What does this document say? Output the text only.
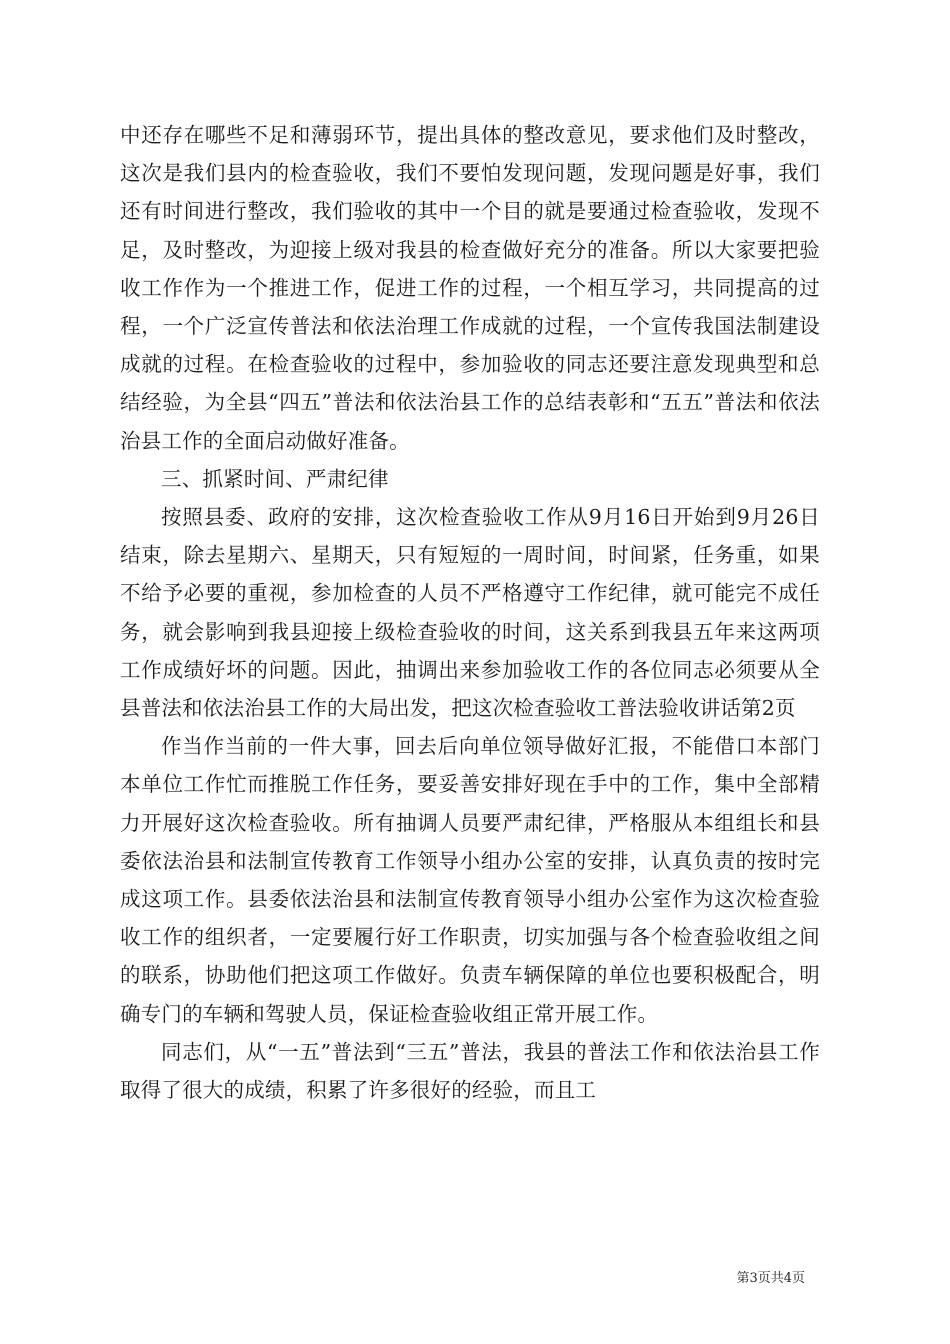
中还存在哪些不足和薄弱环节，提出具体的整改意见，要求他们及时整改，这次是我们县内的检查验收，我们不要怕发现问题，发现问题是好事，我们还有时间进行整改，我们验收的其中一个目的就是要通过检查验收，发现不足，及时整改，为迎接上级对我县的检查做好充分的准备。所以大家要把验收工作作为一个推进工作，促进工作的过程，一个相互学习，共同提高的过程，一个广泛宣传普法和依法治理工作成就的过程，一个宣传我国法制建设成就的过程。在检查验收的过程中，参加验收的同志还要注意发现典型和总结经验，为全县“四五”普法和依法治县工作的总结表彰和“五五”普法和依法治县工作的全面启动做好准备。

三、抓紧时间、严肃纪律

按照县委、政府的安排，这次检查验收工作从9月16日开始到9月26日结束，除去星期六、星期天，只有短短的一周时间，时间紧，任务重，如果不给予必要的重视，参加检查的人员不严格遵守工作纪律，就可能完不成任务，就会影响到我县迎接上级检查验收的时间，这关系到我县五年来这两项工作成绩好坏的问题。因此，抽调出来参加验收工作的各位同志必须要从全县普法和依法治县工作的大局出发，把这次检查验收工普法验收讲话第2页

作当作当前的一件大事，回去后向单位领导做好汇报，不能借口本部门本单位工作忙而推脱工作任务，要妥善安排好现在手中的工作，集中全部精力开展好这次检查验收。所有抽调人员要严肃纪律，严格服从本组组长和县委依法治县和法制宣传教育工作领导小组办公室的安排，认真负责的按时完成这项工作。县委依法治县和法制宣传教育领导小组办公室作为这次检查验收工作的组织者，一定要履行好工作职责，切实加强与各个检查验收组之间的联系，协助他们把这项工作做好。负责车辆保障的单位也要积极配合，明确专门的车辆和驾驶人员，保证检查验收组正常开展工作。

同志们，从“一五”普法到“三五”普法，我县的普法工作和依法治县工作取得了很大的成绩，积累了许多很好的经验，而且工

第3页共4页
